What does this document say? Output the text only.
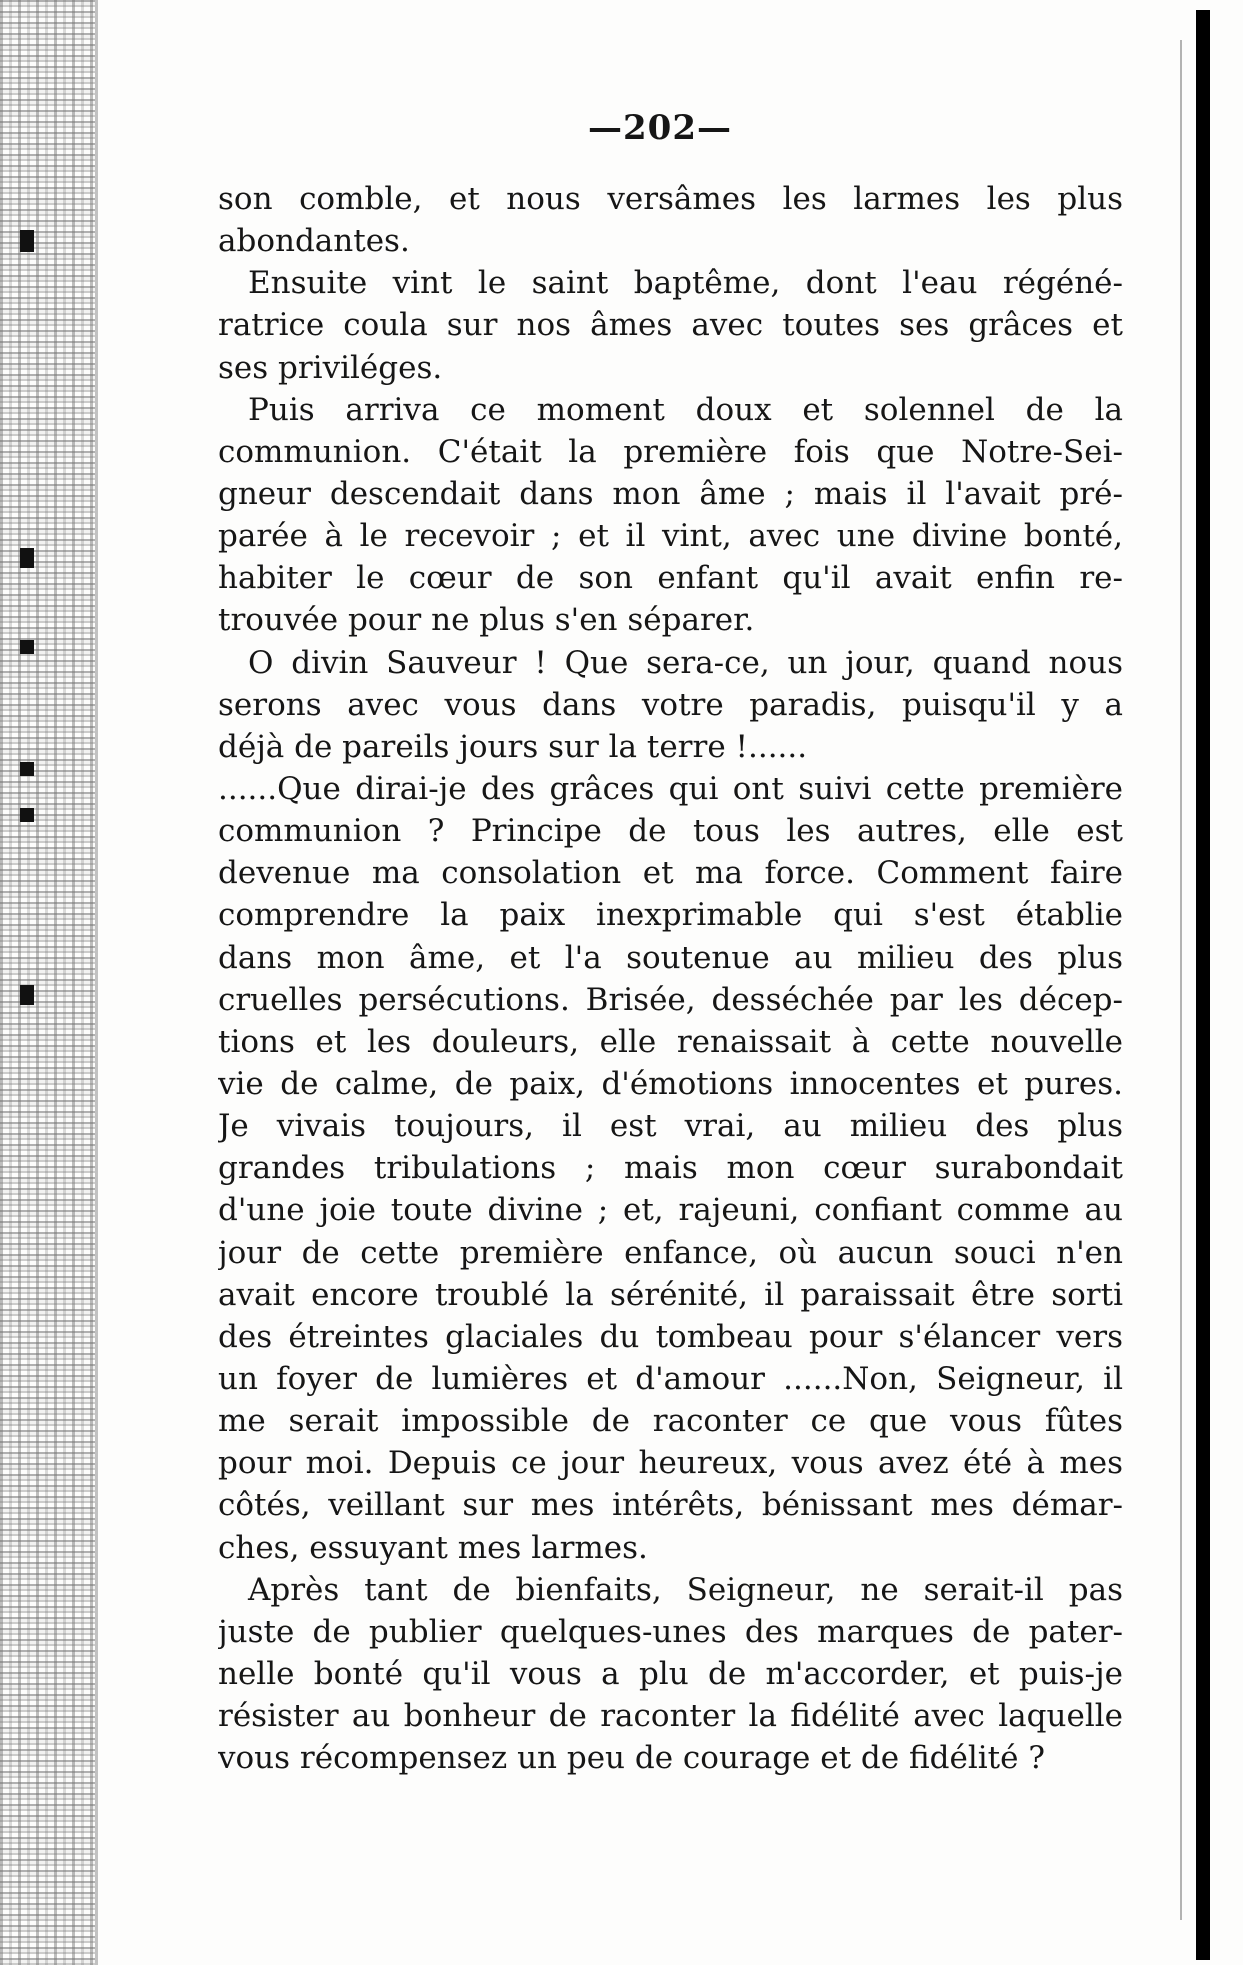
—202—
son comble, et nous versâmes les larmes les plus
abondantes.
Ensuite vint le saint baptême, dont l'eau régéné-
ratrice coula sur nos âmes avec toutes ses grâces et
ses priviléges.
Puis arriva ce moment doux et solennel de la
communion. C'était la première fois que Notre-Sei-
gneur descendait dans mon âme ; mais il l'avait pré-
parée à le recevoir ; et il vint, avec une divine bonté,
habiter le cœur de son enfant qu'il avait enfin re-
trouvée pour ne plus s'en séparer.
O divin Sauveur ! Que sera-ce, un jour, quand nous
serons avec vous dans votre paradis, puisqu'il y a
déjà de pareils jours sur la terre !......
......Que dirai-je des grâces qui ont suivi cette première
communion ? Principe de tous les autres, elle est
devenue ma consolation et ma force. Comment faire
comprendre la paix inexprimable qui s'est établie
dans mon âme, et l'a soutenue au milieu des plus
cruelles persécutions. Brisée, desséchée par les décep-
tions et les douleurs, elle renaissait à cette nouvelle
vie de calme, de paix, d'émotions innocentes et pures.
Je vivais toujours, il est vrai, au milieu des plus
grandes tribulations ; mais mon cœur surabondait
d'une joie toute divine ; et, rajeuni, confiant comme au
jour de cette première enfance, où aucun souci n'en
avait encore troublé la sérénité, il paraissait être sorti
des étreintes glaciales du tombeau pour s'élancer vers
un foyer de lumières et d'amour ......Non, Seigneur, il
me serait impossible de raconter ce que vous fûtes
pour moi. Depuis ce jour heureux, vous avez été à mes
côtés, veillant sur mes intérêts, bénissant mes démar-
ches, essuyant mes larmes.
Après tant de bienfaits, Seigneur, ne serait-il pas
juste de publier quelques-unes des marques de pater-
nelle bonté qu'il vous a plu de m'accorder, et puis-je
résister au bonheur de raconter la fidélité avec laquelle
vous récompensez un peu de courage et de fidélité ?
